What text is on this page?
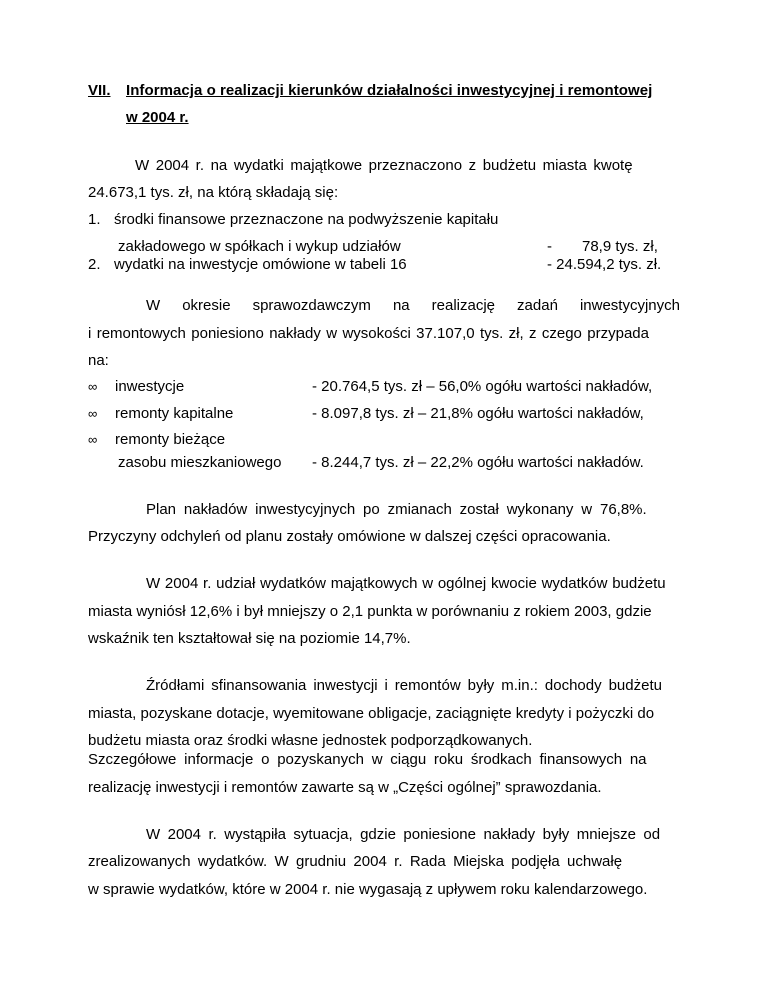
VII. Informacja o realizacji kierunków działalności inwestycyjnej i remontowej
w 2004 r.
W 2004 r. na wydatki majątkowe przeznaczono z budżetu miasta kwotę
24.673,1 tys. zł, na którą składają się:
1. środki finansowe przeznaczone na podwyższenie kapitału
zakładowego w spółkach i wykup udziałów	- 78,9 tys. zł,
2. wydatki na inwestycje omówione w tabeli 16	- 24.594,2 tys. zł.
W okresie sprawozdawczym na realizację zadań inwestycyjnych
i remontowych poniesiono nakłady w wysokości 37.107,0 tys. zł, z czego przypada
na:
∞ inwestycje	- 20.764,5 tys. zł – 56,0% ogółu wartości nakładów,
∞ remonty kapitalne	- 8.097,8 tys. zł – 21,8% ogółu wartości nakładów,
∞ remonty bieżące
zasobu mieszkaniowego - 8.244,7 tys. zł – 22,2% ogółu wartości nakładów.
Plan nakładów inwestycyjnych po zmianach został wykonany w 76,8%.
Przyczyny odchyleń od planu zostały omówione w dalszej części opracowania.
W 2004 r. udział wydatków majątkowych w ogólnej kwocie wydatków budżetu
miasta wyniósł 12,6% i był mniejszy o 2,1 punkta w porównaniu z rokiem 2003, gdzie
wskaźnik ten kształtował się na poziomie 14,7%.
Źródłami sfinansowania inwestycji i remontów były m.in.: dochody budżetu
miasta, pozyskane dotacje, wyemitowane obligacje, zaciągnięte kredyty i pożyczki do
budżetu miasta oraz środki własne jednostek podporządkowanych.
Szczegółowe informacje o pozyskanych w ciągu roku środkach finansowych na
realizację inwestycji i remontów zawarte są w „Części ogólnej” sprawozdania.
W 2004 r. wystąpiła sytuacja, gdzie poniesione nakłady były mniejsze od
zrealizowanych wydatków. W grudniu 2004 r. Rada Miejska podjęła uchwałę
w sprawie wydatków, które w 2004 r. nie wygasają z upływem roku kalendarzowego.
